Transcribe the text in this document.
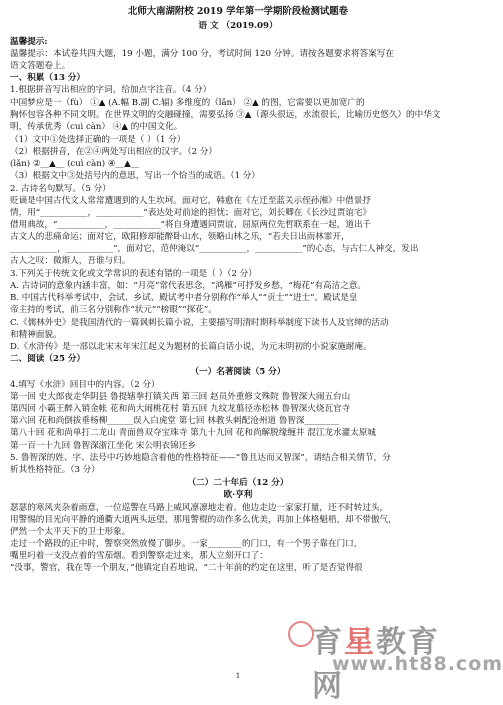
北师大南湖附校 2019 学年第一学期阶段检测试题卷
语 文 （2019.09）
温馨提示:
温馨提示：本试卷共四大题，19 小题，满分 100 分，考试时间 120 分钟。请按各题要求将答案写在
语文答题卷上。
一、积累（13 分）
1.根据拼音写出相应的字词，给加点字注音。（4 分）
中国梦应是一（fù） ①▲ (A.幅 B.副 C.辐) 多维度的（lǎn） ②▲ 的图，它需要以更加宽广的
胸怀包容各种不同文明。在世界文明的交融碰撞，需要弘扬 ③▲（源头很远，水流很长，比喻历史悠久）的中华文
明，传承优秀（cuì càn） ④▲ 的中国文化。
（1）文中①处选择正确的一项是（ ）（1 分）
（2）根据拼音，在②④两处写出相应的汉字。（2 分）
(lǎn) ②__▲__ (cuì càn) ④__▲__
（3）根据文中③处括号内的意思，写出一个恰当的成语。（1 分）
2. 古诗名句默写。（5 分）
贬谪是中国古代文人常常遭遇到的人生坎坷。面对它，韩愈在《左迁至蓝关示侄孙湘》中借景抒
情，用“___________，___________”表达处对前途的担忧；面对它，刘长卿在《长沙过贾谊宅》
借用典故，“___________，___________”将自身遭遇同贾谊、屈原两位先哲联系在一起，道出千
古文人的悲痛命运；面对它，欧阳修却能醉卧山水，领略山林之乐，“若夫日出而林霏开，
___________，___________”，面对它，范仲淹以“___________，___________”的心态，与古仁人神交，发出
古人之叹：微斯人，吾谁与归。
3.下列关于传统文化或文学常识的表述有错的一项是（ ）（2 分）
A. 古诗词的意象内涵丰富，如：“月亮”常代表思念，“鸿雁”可抒发乡愁，“梅花”有高洁之意。
B. 中国古代科举考试中，会试、乡试、殿试考中者分别称作“举人”“贡士”“进士”。殿试是皇
帝主持的考试，前三名分别称作“状元”“榜眼”“探花”。
C.《儒林外史》是我国清代的一篇讽刺长篇小说，主要描写明清时期科举制度下读书人及官绅的活动
和精神面貌。
D.《水浒传》是一部以北宋末年宋江起义为题材的长篇白话小说，为元末明初的小说家施耐庵。
二、阅读（25 分）
（一）名著阅读（5 分）
4.填写《水浒》回目中的内容。（2 分）
第一回 史大郎夜走华阴县 鲁提辖拳打镇关西 第三回 赵员外重修文殊院 鲁智深大闹五台山
第四回 小霸王醉入销金帐 花和尚大闹桃花村 第五回 九纹龙翦径赤松林 鲁智深火烧瓦官寺
第六回 花和尚倒拔垂杨柳______误入白虎堂 第七回 林教头刺配沧州道 鲁智深________
第八十回 花和尚单打二龙山 青面兽双夺宝珠寺 第九十九回 花和尚解脱缘缠井 混江龙水灌太原城
第一百一十九回 鲁智深浙江坐化 宋公明衣锦还乡
5. 鲁智深的姓、字、法号中巧妙地隐含着他的性格特征——“鲁且达而又智深”，请结合相关情节，分
析其性格特征。（3 分）
（二）二十年后（12 分）
欧·亨利
瑟瑟的寒风夹杂着雨意，一位巡警在马路上威风凛凛地走着。他边走边一家家打量，还不时转过头，
用警惕的目光向平静的通衢大道两头远望，那甩警棍的动作多么优美，再加上体格魁梧，却不带傲气，
俨然一个太平天下的卫士形象。
走过一个路段的正中时，警察突然放慢了脚步。一家________的门口，有一个男子靠在门口，
嘴里叼着一支没点着的雪茄烟。看到警察走过来，那人立刻开口了：
“没事，警官，我在等一个朋友，”他镇定自若地说，“二十年前的约定在这里，听了是否觉得很
1
育星教育网
www.ht88.com
